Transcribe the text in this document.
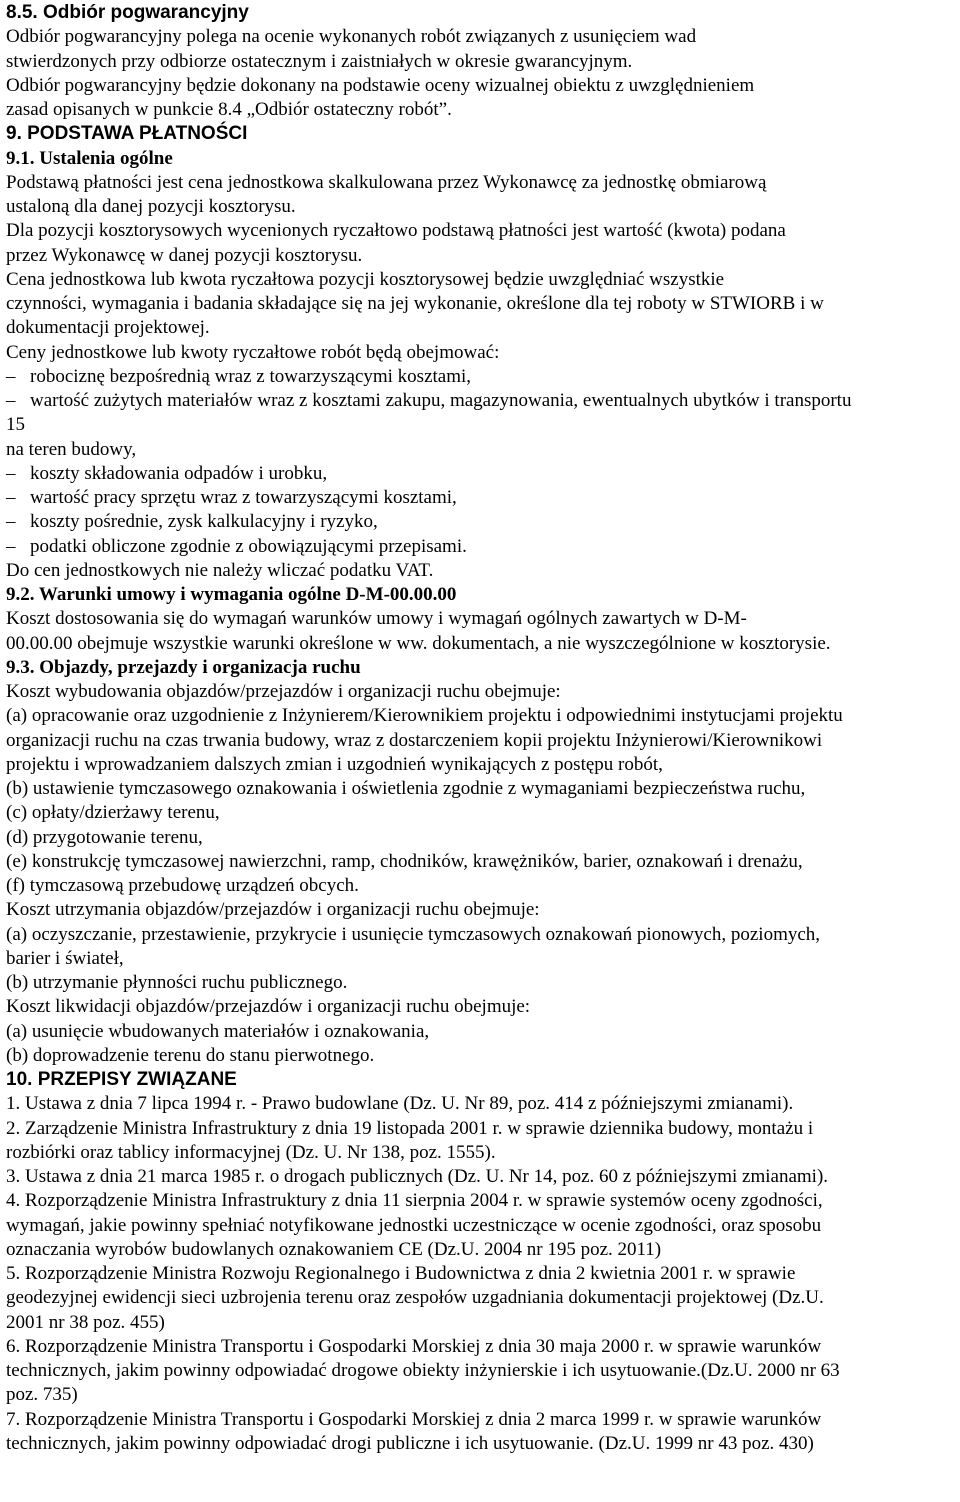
8.5. Odbiór pogwarancyjny
Odbiór pogwarancyjny polega na ocenie wykonanych robót związanych z usunięciem wad
stwierdzonych przy odbiorze ostatecznym i zaistniałych w okresie gwarancyjnym.
Odbiór pogwarancyjny będzie dokonany na podstawie oceny wizualnej obiektu z uwzględnieniem
zasad opisanych w punkcie 8.4 „Odbiór ostateczny robót”.
9. PODSTAWA PŁATNOŚCI
9.1. Ustalenia ogólne
Podstawą płatności jest cena jednostkowa skalkulowana przez Wykonawcę za jednostkę obmiarową
ustaloną dla danej pozycji kosztorysu.
Dla pozycji kosztorysowych wycenionych ryczałtowo podstawą płatności jest wartość (kwota) podana
przez Wykonawcę w danej pozycji kosztorysu.
Cena jednostkowa lub kwota ryczałtowa pozycji kosztorysowej będzie uwzględniać wszystkie
czynności, wymagania i badania składające się na jej wykonanie, określone dla tej roboty w STWIORB i w
dokumentacji projektowej.
Ceny jednostkowe lub kwoty ryczałtowe robót będą obejmować:
– robociznę bezpośrednią wraz z towarzyszącymi kosztami,
– wartość zużytych materiałów wraz z kosztami zakupu, magazynowania, ewentualnych ubytków i transportu
15
na teren budowy,
– koszty składowania odpadów i urobku,
– wartość pracy sprzętu wraz z towarzyszącymi kosztami,
– koszty pośrednie, zysk kalkulacyjny i ryzyko,
– podatki obliczone zgodnie z obowiązującymi przepisami.
Do cen jednostkowych nie należy wliczać podatku VAT.
9.2. Warunki umowy i wymagania ogólne D-M-00.00.00
Koszt dostosowania się do wymagań warunków umowy i wymagań ogólnych zawartych w D-M-
00.00.00 obejmuje wszystkie warunki określone w ww. dokumentach, a nie wyszczególnione w kosztorysie.
9.3. Objazdy, przejazdy i organizacja ruchu
Koszt wybudowania objazdów/przejazdów i organizacji ruchu obejmuje:
(a) opracowanie oraz uzgodnienie z Inżynierem/Kierownikiem projektu i odpowiednimi instytucjami projektu
organizacji ruchu na czas trwania budowy, wraz z dostarczeniem kopii projektu Inżynierowi/Kierownikowi
projektu i wprowadzaniem dalszych zmian i uzgodnień wynikających z postępu robót,
(b) ustawienie tymczasowego oznakowania i oświetlenia zgodnie z wymaganiami bezpieczeństwa ruchu,
(c) opłaty/dzierżawy terenu,
(d) przygotowanie terenu,
(e) konstrukcję tymczasowej nawierzchni, ramp, chodników, krawężników, barier, oznakowań i drenażu,
(f) tymczasową przebudowę urządzeń obcych.
Koszt utrzymania objazdów/przejazdów i organizacji ruchu obejmuje:
(a) oczyszczanie, przestawienie, przykrycie i usunięcie tymczasowych oznakowań pionowych, poziomych,
barier i świateł,
(b) utrzymanie płynności ruchu publicznego.
Koszt likwidacji objazdów/przejazdów i organizacji ruchu obejmuje:
(a) usunięcie wbudowanych materiałów i oznakowania,
(b) doprowadzenie terenu do stanu pierwotnego.
10. PRZEPISY ZWIĄZANE
1. Ustawa z dnia 7 lipca 1994 r. - Prawo budowlane (Dz. U. Nr 89, poz. 414 z późniejszymi zmianami).
2. Zarządzenie Ministra Infrastruktury z dnia 19 listopada 2001 r. w sprawie dziennika budowy, montażu i
rozbiórki oraz tablicy informacyjnej (Dz. U. Nr 138, poz. 1555).
3. Ustawa z dnia 21 marca 1985 r. o drogach publicznych (Dz. U. Nr 14, poz. 60 z późniejszymi zmianami).
4. Rozporządzenie Ministra Infrastruktury z dnia 11 sierpnia 2004 r. w sprawie systemów oceny zgodności,
wymagań, jakie powinny spełniać notyfikowane jednostki uczestniczące w ocenie zgodności, oraz sposobu
oznaczania wyrobów budowlanych oznakowaniem CE (Dz.U. 2004 nr 195 poz. 2011)
5. Rozporządzenie Ministra Rozwoju Regionalnego i Budownictwa z dnia 2 kwietnia 2001 r. w sprawie
geodezyjnej ewidencji sieci uzbrojenia terenu oraz zespołów uzgadniania dokumentacji projektowej (Dz.U.
2001 nr 38 poz. 455)
6. Rozporządzenie Ministra Transportu i Gospodarki Morskiej z dnia 30 maja 2000 r. w sprawie warunków
technicznych, jakim powinny odpowiadać drogowe obiekty inżynierskie i ich usytuowanie.(Dz.U. 2000 nr 63
poz. 735)
7. Rozporządzenie Ministra Transportu i Gospodarki Morskiej z dnia 2 marca 1999 r. w sprawie warunków
technicznych, jakim powinny odpowiadać drogi publiczne i ich usytuowanie. (Dz.U. 1999 nr 43 poz. 430)
